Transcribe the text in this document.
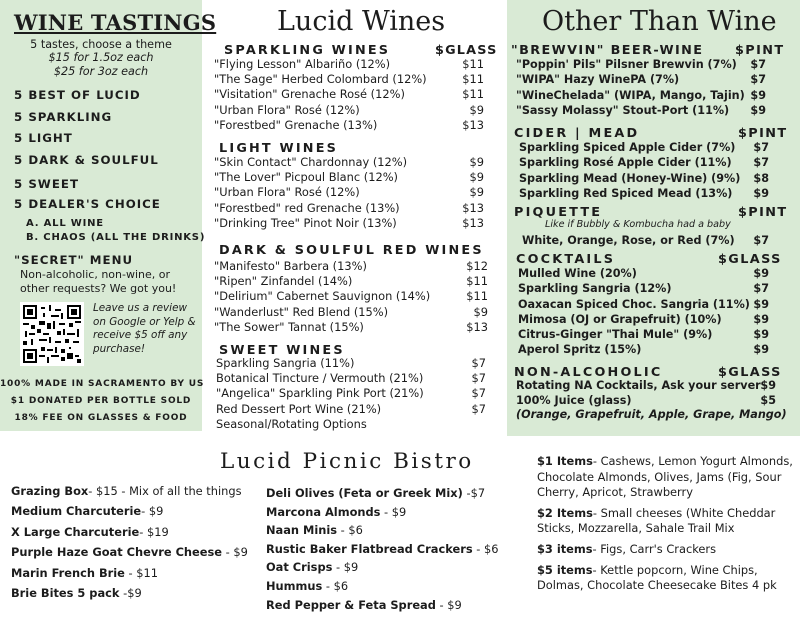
WINE TASTINGS
5 tastes, choose a theme
$15 for 1.5oz each
$25 for 3oz each
5 BEST OF LUCID
5 SPARKLING
5 LIGHT
5 DARK & SOULFUL
5 SWEET
5 DEALER'S CHOICE
A. ALL WINE
B. CHAOS (ALL THE DRINKS)
"SECRET" MENU
Non-alcoholic, non-wine, or other requests? We got you!
Leave us a review on Google or Yelp & receive $5 off any purchase!
100% MADE IN SACRAMENTO BY US
$1 DONATED PER BOTTLE SOLD
18% FEE ON GLASSES & FOOD
Lucid Wines
SPARKLING WINES	$GLASS
"Flying Lesson" Albariño (12%)	$11
"The Sage" Herbed Colombard (12%)	$11
"Visitation" Grenache Rosé (12%)	$11
"Urban Flora" Rosé (12%)	$9
"Forestbed" Grenache (13%)	$13
LIGHT WINES
"Skin Contact" Chardonnay (12%)	$9
"The Lover" Picpoul Blanc (12%)	$9
"Urban Flora" Rosé (12%)	$9
"Forestbed" red Grenache (13%)	$13
"Drinking Tree" Pinot Noir (13%)	$13
DARK & SOULFUL RED WINES
"Manifesto" Barbera (13%)	$12
"Ripen" Zinfandel (14%)	$11
"Delirium" Cabernet Sauvignon (14%)	$11
"Wanderlust" Red Blend (15%)	$9
"The Sower" Tannat (15%)	$13
SWEET WINES
Sparkling Sangria (11%)	$7
Botanical Tincture / Vermouth (21%)	$7
"Angelica" Sparkling Pink Port (21%)	$7
Red Dessert Port Wine (21%)	$7
Seasonal/Rotating Options
Other Than Wine
"BREWVIN" BEER-WINE $PINT
"Poppin' Pils" Pilsner Brewvin (7%) $7
"WIPA" Hazy WinePA (7%)	$7
"WineChelada" (WIPA, Mango, Tajin) $9
"Sassy Molassy" Stout-Port (11%) $9
CIDER | MEAD	$PINT
Sparkling Spiced Apple Cider (7%) $7
Sparkling Rosé Apple Cider (11%) $7
Sparkling Mead (Honey-Wine) (9%) $8
Sparkling Red Spiced Mead (13%) $9
PIQUETTE	$PINT
Like if Bubbly & Kombucha had a baby
White, Orange, Rose, or Red (7%) $7
COCKTAILS	$GLASS
Mulled Wine (20%)	$9
Sparkling Sangria (12%)	$7
Oaxacan Spiced Choc. Sangria (11%) $9
Mimosa (OJ or Grapefruit) (10%)	$9
Citrus-Ginger "Thai Mule" (9%)	$9
Aperol Spritz (15%)	$9
NON-ALCOHOLIC	$GLASS
Rotating NA Cocktails, Ask your server $9
100% Juice (glass)	$5
(Orange, Grapefruit, Apple, Grape, Mango)
Lucid Picnic Bistro
Grazing Box- $15 - Mix of all the things
Medium Charcuterie- $9
X Large Charcuterie- $19
Purple Haze Goat Chevre Cheese - $9
Marin French Brie - $11
Brie Bites 5 pack -$9
Deli Olives (Feta or Greek Mix) -$7
Marcona Almonds - $9
Naan Minis - $6
Rustic Baker Flatbread Crackers - $6
Oat Crisps - $9
Hummus - $6
Red Pepper & Feta Spread - $9
$1 Items- Cashews, Lemon Yogurt Almonds, Chocolate Almonds, Olives, Jams (Fig, Sour Cherry, Apricot, Strawberry
$2 Items- Small cheeses (White Cheddar Sticks, Mozzarella, Sahale Trail Mix
$3 items- Figs, Carr's Crackers
$5 items- Kettle popcorn, Wine Chips, Dolmas, Chocolate Cheesecake Bites 4 pk
